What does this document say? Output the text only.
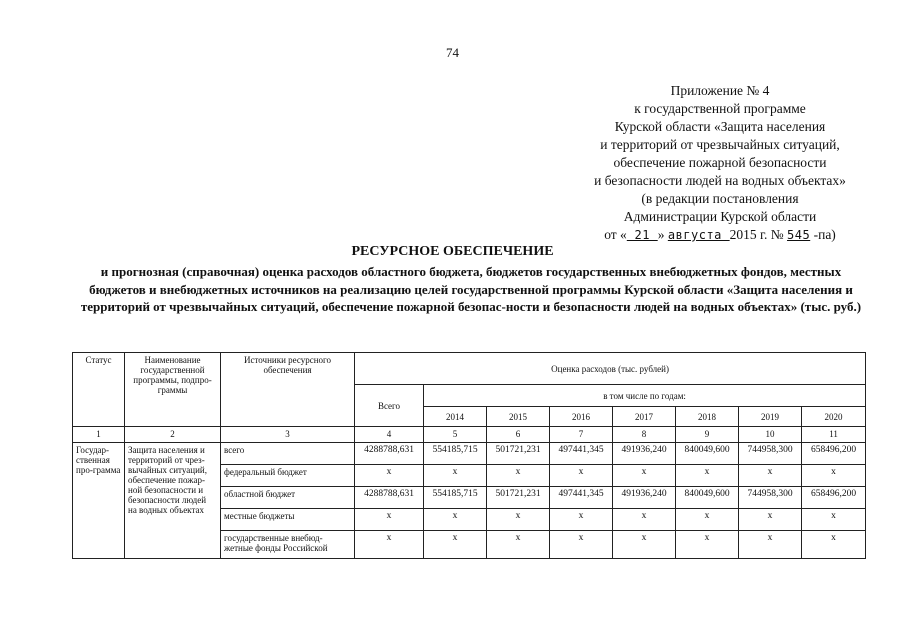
74
Приложение № 4
к государственной программе
Курской области «Защита населения
и территорий от чрезвычайных ситуаций,
обеспечение пожарной безопасности
и безопасности людей на водных объектах»
(в редакции постановления
Администрации Курской области
от « 21 » августа 2015 г. № 545 -па)
РЕСУРСНОЕ ОБЕСПЕЧЕНИЕ
и прогнозная (справочная) оценка расходов областного бюджета, бюджетов государственных внебюджетных фондов, местных бюджетов и внебюджетных источников на реализацию целей государственной программы Курской области «Защита населения и территорий от чрезвычайных ситуаций, обеспечение пожарной безопас-ности и безопасности людей на водных объектах» (тыс. руб.)
Статус	Наименование государственной программы, подпро-граммы	Источники ресурсного обеспечения	Оценка расходов (тыс. рублей)							
			Всего	в том числе по годам:						
				2014	2015	2016	2017	2018	2019	2020
1	2	3	4	5	6	7	8	9	10	11
Государ-ственная про-грамма	Защита населения и территорий от чрез-вычайных ситуаций, обеспечение пожар-ной безопасности и безопасности людей на водных объектах	всего	4288788,631	554185,715	501721,231	497441,345	491936,240	840049,600	744958,300	658496,200
		федеральный бюджет	х	х	х	х	х	х	х	х
		областной бюджет	4288788,631	554185,715	501721,231	497441,345	491936,240	840049,600	744958,300	658496,200
		местные бюджеты	х	х	х	х	х	х	х	х
		государственные внебюд-жетные фонды Российской	х	х	х	х	х	х	х	х
